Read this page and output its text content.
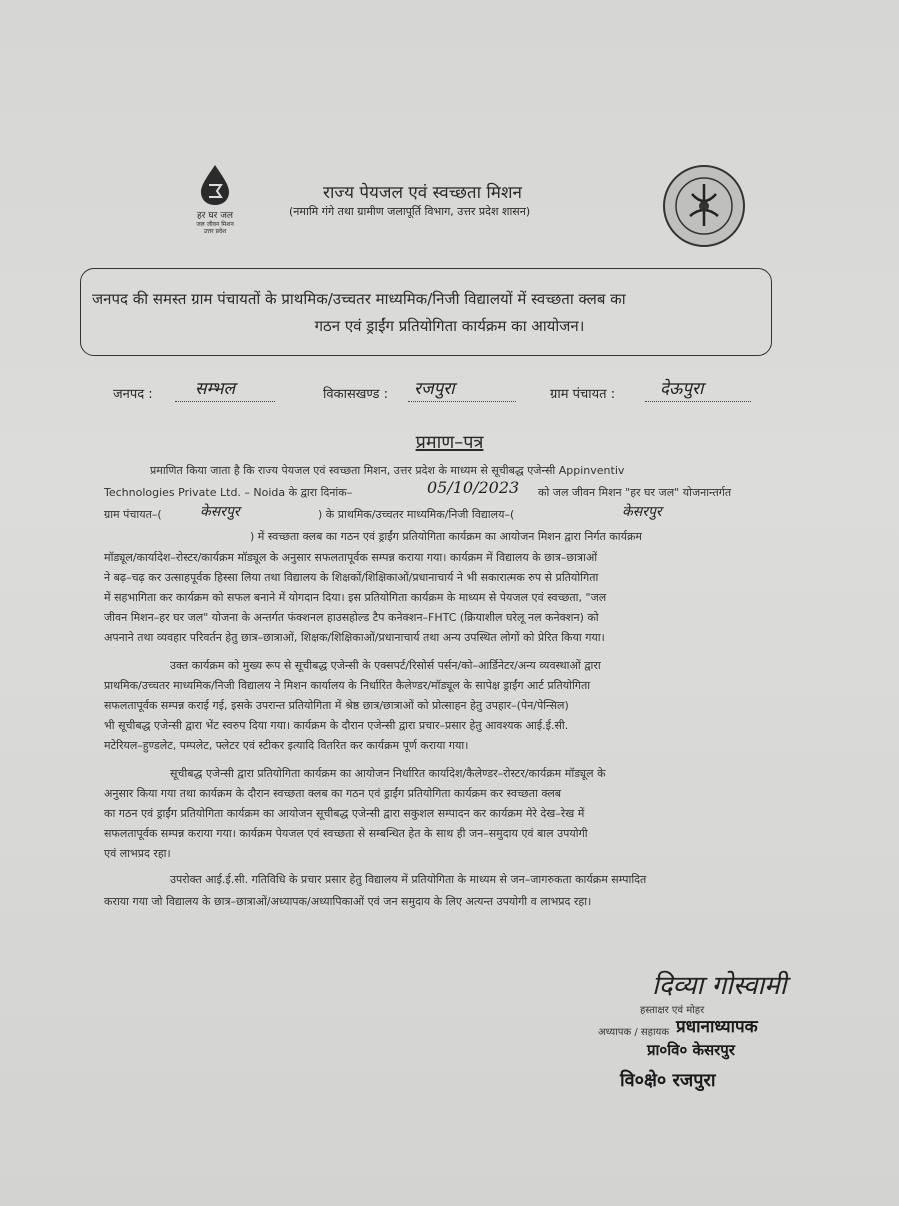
हर घर जल
जल जीवन मिशन
उत्तर प्रदेश
राज्य पेयजल एवं स्वच्छता मिशन
(नमामि गंगे तथा ग्रामीण जलापूर्ति विभाग, उत्तर प्रदेश शासन)
जनपद की समस्त ग्राम पंचायतों के प्राथमिक/उच्चतर माध्यमिक/निजी विद्यालयों में स्वच्छता क्लब का
गठन एवं ड्राईंग प्रतियोगिता कार्यक्रम का आयोजन।
जनपद : सम्भल	विकासखण्ड : रजपुरा	ग्राम पंचायत :	देऊपुरा
प्रमाण–पत्र
प्रमाणित किया जाता है कि राज्य पेयजल एवं स्वच्छता मिशन, उत्तर प्रदेश के माध्यम से सूचीबद्ध एजेन्सी Appinventiv
Technologies Private Ltd. – Noida के द्वारा दिनांक–	05/10/2023 को जल जीवन मिशन "हर घर जल" योजनान्तर्गत
ग्राम पंचायत–(	केसरपुर	) के प्राथमिक/उच्चतर माध्यमिक/निजी विद्यालय–(	केसरपुर
) में स्वच्छता क्लब का गठन एवं ड्राईंग प्रतियोगिता कार्यक्रम का आयोजन मिशन द्वारा निर्गत कार्यक्रम
मॉड्यूल/कार्यादेश–रोस्टर/कार्यक्रम मॉड्यूल के अनुसार सफलतापूर्वक सम्पन्न कराया गया। कार्यक्रम में विद्यालय के छात्र–छात्राओं
ने बढ़–चढ़ कर उत्साहपूर्वक हिस्सा लिया तथा विद्यालय के शिक्षकों/शिक्षिकाओं/प्रधानाचार्य ने भी सकारात्मक रुप से प्रतियोगिता
में सहभागिता कर कार्यक्रम को सफल बनाने में योगदान दिया। इस प्रतियोगिता कार्यक्रम के माध्यम से पेयजल एवं स्वच्छता, "जल
जीवन मिशन–हर घर जल" योजना के अन्तर्गत फंक्शनल हाउसहोल्ड टैप कनेक्शन–FHTC (क्रियाशील घरेलू नल कनेक्शन) को
अपनाने तथा व्यवहार परिवर्तन हेतु छात्र–छात्राओं, शिक्षक/शिक्षिकाओं/प्रधानाचार्य तथा अन्य उपस्थित लोगों को प्रेरित किया गया।
उक्त कार्यक्रम को मुख्य रूप से सूचीबद्ध एजेन्सी के एक्सपर्ट/रिसोर्स पर्सन/को–आर्डिनेटर/अन्य व्यवस्थाओं द्वारा
प्राथमिक/उच्चतर माध्यमिक/निजी विद्यालय ने मिशन कार्यालय के निर्धारित कैलेण्डर/मॉड्यूल के सापेक्ष ड्राईंग आर्ट प्रतियोगिता
सफलतापूर्वक सम्पन्न कराई गई, इसके उपरान्त प्रतियोगिता में श्रेष्ठ छात्र/छात्राओं को प्रोत्साहन हेतु उपहार–(पेन/पेन्सिल)
भी सूचीबद्ध एजेन्सी द्वारा भेंट स्वरुप दिया गया। कार्यक्रम के दौरान एजेन्सी द्वारा प्रचार–प्रसार हेतु आवश्यक आई.ई.सी.
मटेरियल–हुण्डलेट, पम्पलेट, फ्लेटर एवं स्टीकर इत्यादि वितरित कर कार्यक्रम पूर्ण कराया गया।
सूचीबद्ध एजेन्सी द्वारा प्रतियोगिता कार्यक्रम का आयोजन निर्धारित कार्यादेश/कैलेण्डर–रोस्टर/कार्यक्रम मॉड्यूल के
अनुसार किया गया तथा कार्यक्रम के दौरान स्वच्छता क्लब का गठन एवं ड्राईंग प्रतियोगिता कार्यक्रम कर स्वच्छता क्लब
का गठन एवं ड्राईंग प्रतियोगिता कार्यक्रम का आयोजन सूचीबद्ध एजेन्सी द्वारा सकुशल सम्पादन कर कार्यक्रम मेरे देख–रेख में
सफलतापूर्वक सम्पन्न कराया गया। कार्यक्रम पेयजल एवं स्वच्छता से सम्बन्धित हेत के साथ ही जन–समुदाय एवं बाल उपयोगी
एवं लाभप्रद रहा।
उपरोक्त आई.ई.सी. गतिविधि के प्रचार प्रसार हेतु विद्यालय में प्रतियोगिता के माध्यम से जन–जागरुकता कार्यक्रम सम्पादित
कराया गया जो विद्यालय के छात्र–छात्राओं/अध्यापक/अध्यापिकाओं एवं जन समुदाय के लिए अत्यन्त उपयोगी व लाभप्रद रहा।
दिव्या गोस्वामी
हस्ताक्षर एवं मोहर
अध्यापक / सहायक प्रधानाध्यापक
प्रा०वि० केसरपुर
वि०क्षे० रजपुरा
